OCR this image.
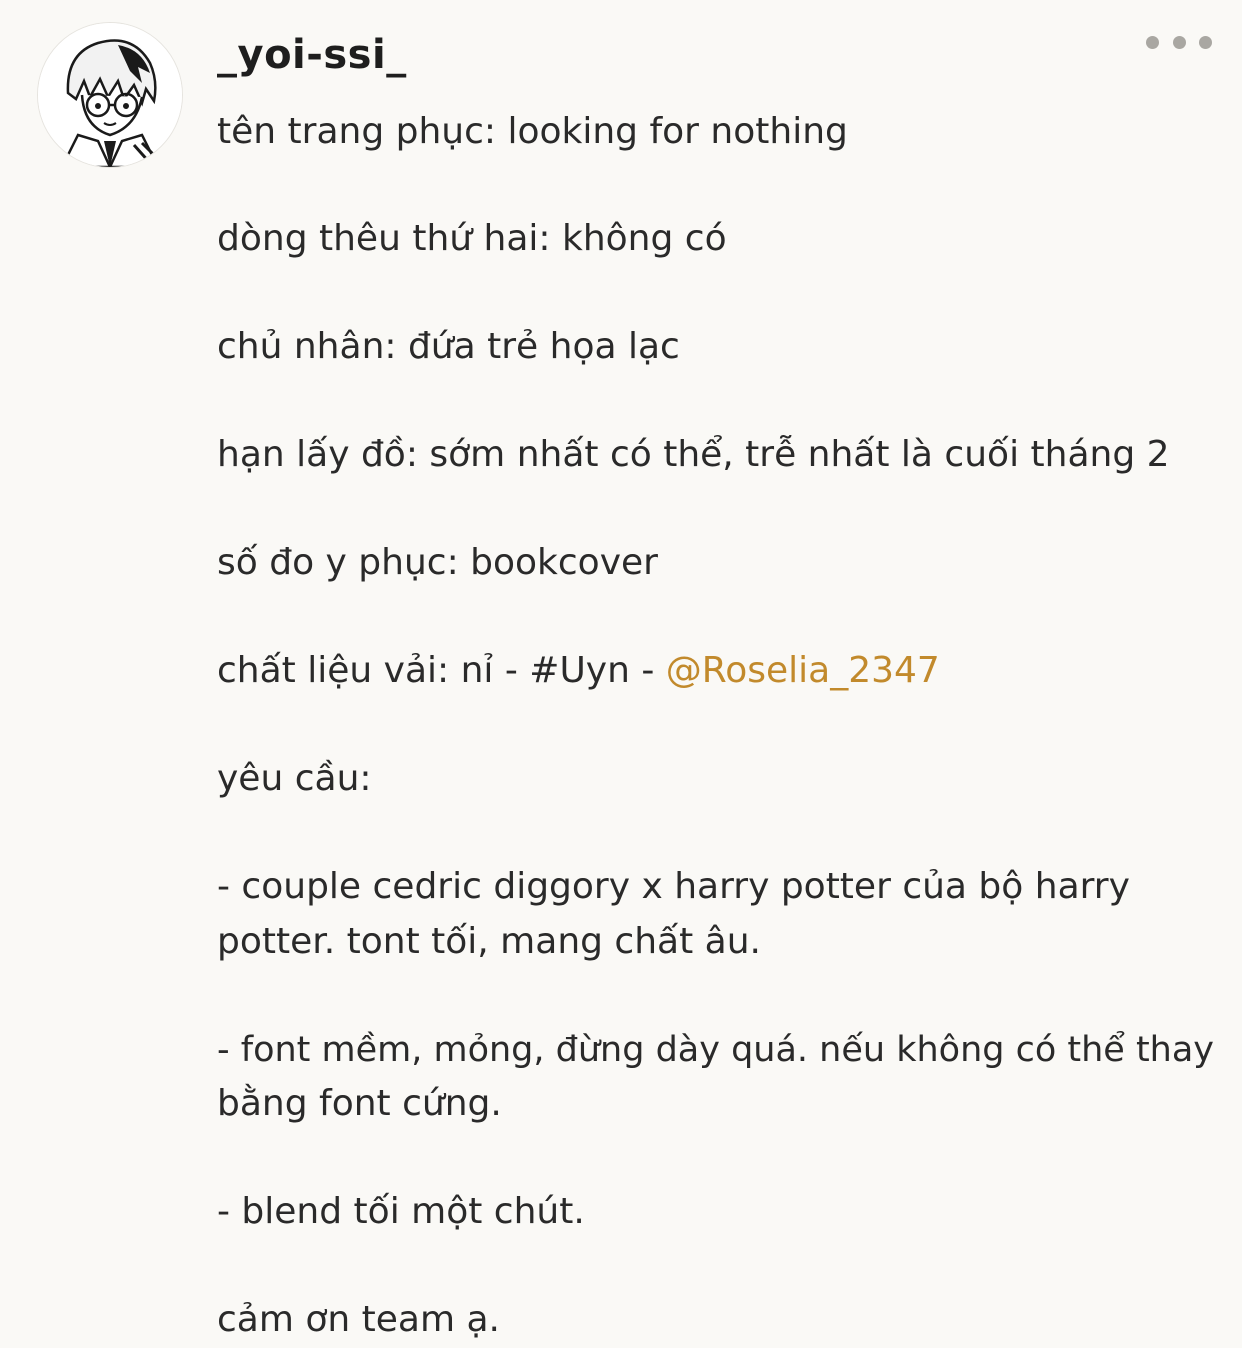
_yoi-ssi_
tên trang phục: looking for nothing
dòng thêu thứ hai: không có
chủ nhân: đứa trẻ họa lạc
hạn lấy đồ: sớm nhất có thể, trễ nhất là cuối tháng 2
số đo y phục: bookcover
chất liệu vải: nỉ - #Uyn - @Roselia_2347
yêu cầu:
- couple cedric diggory x harry potter của bộ harry
potter. tont tối, mang chất âu.
- font mềm, mỏng, đừng dày quá. nếu không có thể thay
bằng font cứng.
- blend tối một chút.
cảm ơn team ạ.
